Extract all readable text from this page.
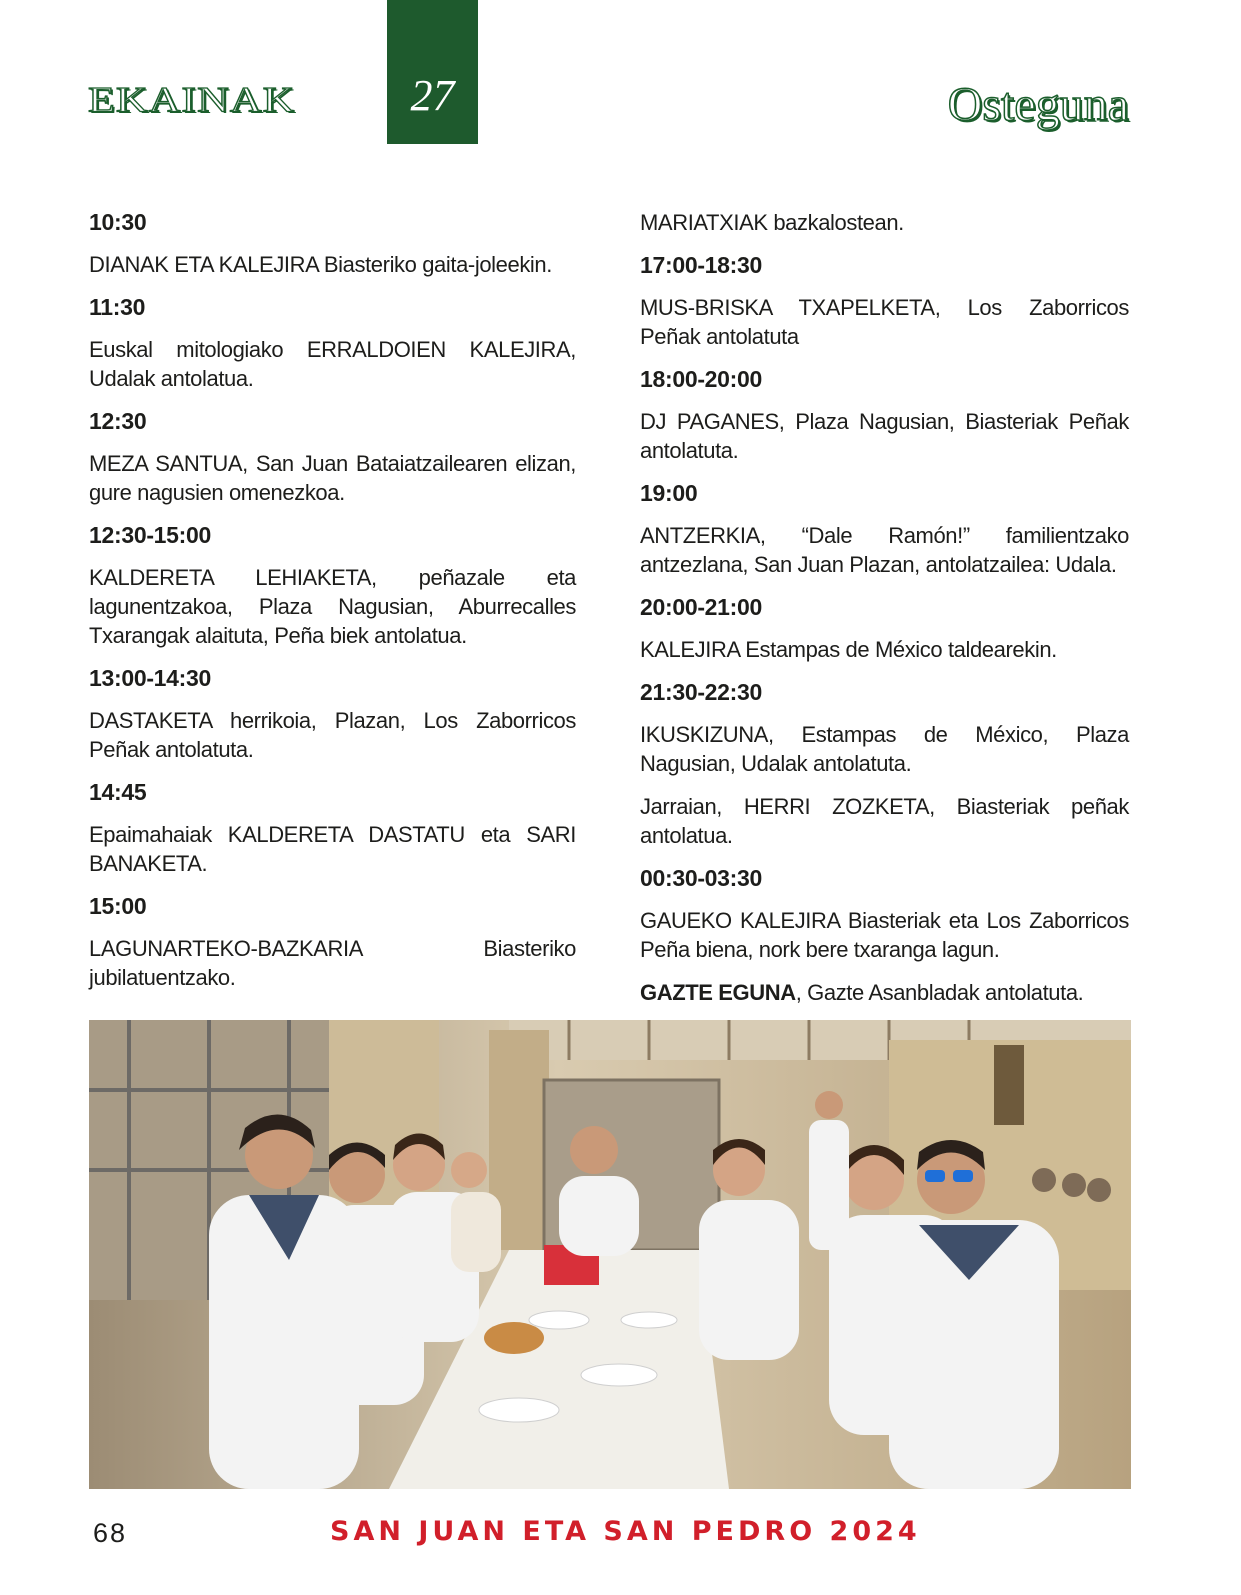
EKAINAK	27	Osteguna
10:30
DIANAK ETA KALEJIRA Biasteriko gaita-joleekin.
11:30
Euskal mitologiako ERRALDOIEN KALEJIRA, Udalak antolatua.
12:30
MEZA SANTUA, San Juan Bataiatzailearen elizan, gure nagusien omenezkoa.
12:30-15:00
KALDERETA LEHIAKETA, peñazale eta lagunentzakoa, Plaza Nagusian, Aburrecalles Txarangak alaituta, Peña biek antolatua.
13:00-14:30
DASTAKETA herrikoia, Plazan, Los Zaborricos Peñak antolatuta.
14:45
Epaimahaiak KALDERETA DASTATU eta SARI BANAKETA.
15:00
LAGUNARTEKO-BAZKARIA Biasteriko jubilatuentzako.
MARIATXIAK bazkalostean.
17:00-18:30
MUS-BRISKA TXAPELKETA, Los Zaborricos Peñak antolatuta
18:00-20:00
DJ PAGANES, Plaza Nagusian, Biasteriak Peñak antolatuta.
19:00
ANTZERKIA, “Dale Ramón!” familientzako antzezlana, San Juan Plazan, antolatzailea: Udala.
20:00-21:00
KALEJIRA Estampas de México taldearekin.
21:30-22:30
IKUSKIZUNA, Estampas de México, Plaza Nagusian, Udalak antolatuta.
Jarraian, HERRI ZOZKETA, Biasteriak peñak antolatua.
00:30-03:30
GAUEKO KALEJIRA Biasteriak eta Los Zaborricos Peña biena, nork bere txaranga lagun.
GAZTE EGUNA, Gazte Asanbladak antolatuta.
68	SAN JUAN ETA SAN PEDRO 2024
